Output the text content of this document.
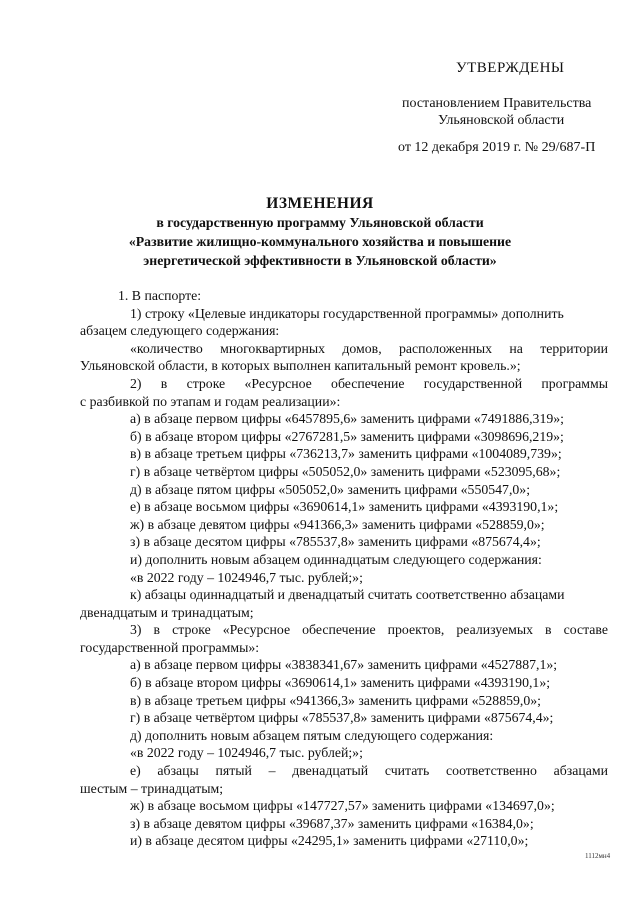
УТВЕРЖДЕНЫ
постановлением Правительства
Ульяновской области
от 12 декабря 2019 г. № 29/687-П
ИЗМЕНЕНИЯ
в государственную программу Ульяновской области
«Развитие жилищно-коммунального хозяйства и повышение
энергетической эффективности в Ульяновской области»
1. В паспорте:
1) строку «Целевые индикаторы государственной программы» дополнить
абзацем следующего содержания:
«количество многоквартирных домов, расположенных на территории
Ульяновской области, в которых выполнен капитальный ремонт кровель.»;
2) в строке «Ресурсное обеспечение государственной программы
с разбивкой по этапам и годам реализации»:
а) в абзаце первом цифры «6457895,6» заменить цифрами «7491886,319»;
б) в абзаце втором цифры «2767281,5» заменить цифрами «3098696,219»;
в) в абзаце третьем цифры «736213,7» заменить цифрами «1004089,739»;
г) в абзаце четвёртом цифры «505052,0» заменить цифрами «523095,68»;
д) в абзаце пятом цифры «505052,0» заменить цифрами «550547,0»;
е) в абзаце восьмом цифры «3690614,1» заменить цифрами «4393190,1»;
ж) в абзаце девятом цифры «941366,3» заменить цифрами «528859,0»;
з) в абзаце десятом цифры «785537,8» заменить цифрами «875674,4»;
и) дополнить новым абзацем одиннадцатым следующего содержания:
«в 2022 году – 1024946,7 тыс. рублей;»;
к) абзацы одиннадцатый и двенадцатый считать соответственно абзацами
двенадцатым и тринадцатым;
3) в строке «Ресурсное обеспечение проектов, реализуемых в составе
государственной программы»:
а) в абзаце первом цифры «3838341,67» заменить цифрами «4527887,1»;
б) в абзаце втором цифры «3690614,1» заменить цифрами «4393190,1»;
в) в абзаце третьем цифры «941366,3» заменить цифрами «528859,0»;
г) в абзаце четвёртом цифры «785537,8» заменить цифрами «875674,4»;
д) дополнить новым абзацем пятым следующего содержания:
«в 2022 году – 1024946,7 тыс. рублей;»;
е) абзацы пятый – двенадцатый считать соответственно абзацами
шестым – тринадцатым;
ж) в абзаце восьмом цифры «147727,57» заменить цифрами «134697,0»;
з) в абзаце девятом цифры «39687,37» заменить цифрами «16384,0»;
и) в абзаце десятом цифры «24295,1» заменить цифрами «27110,0»;
1112мн4
